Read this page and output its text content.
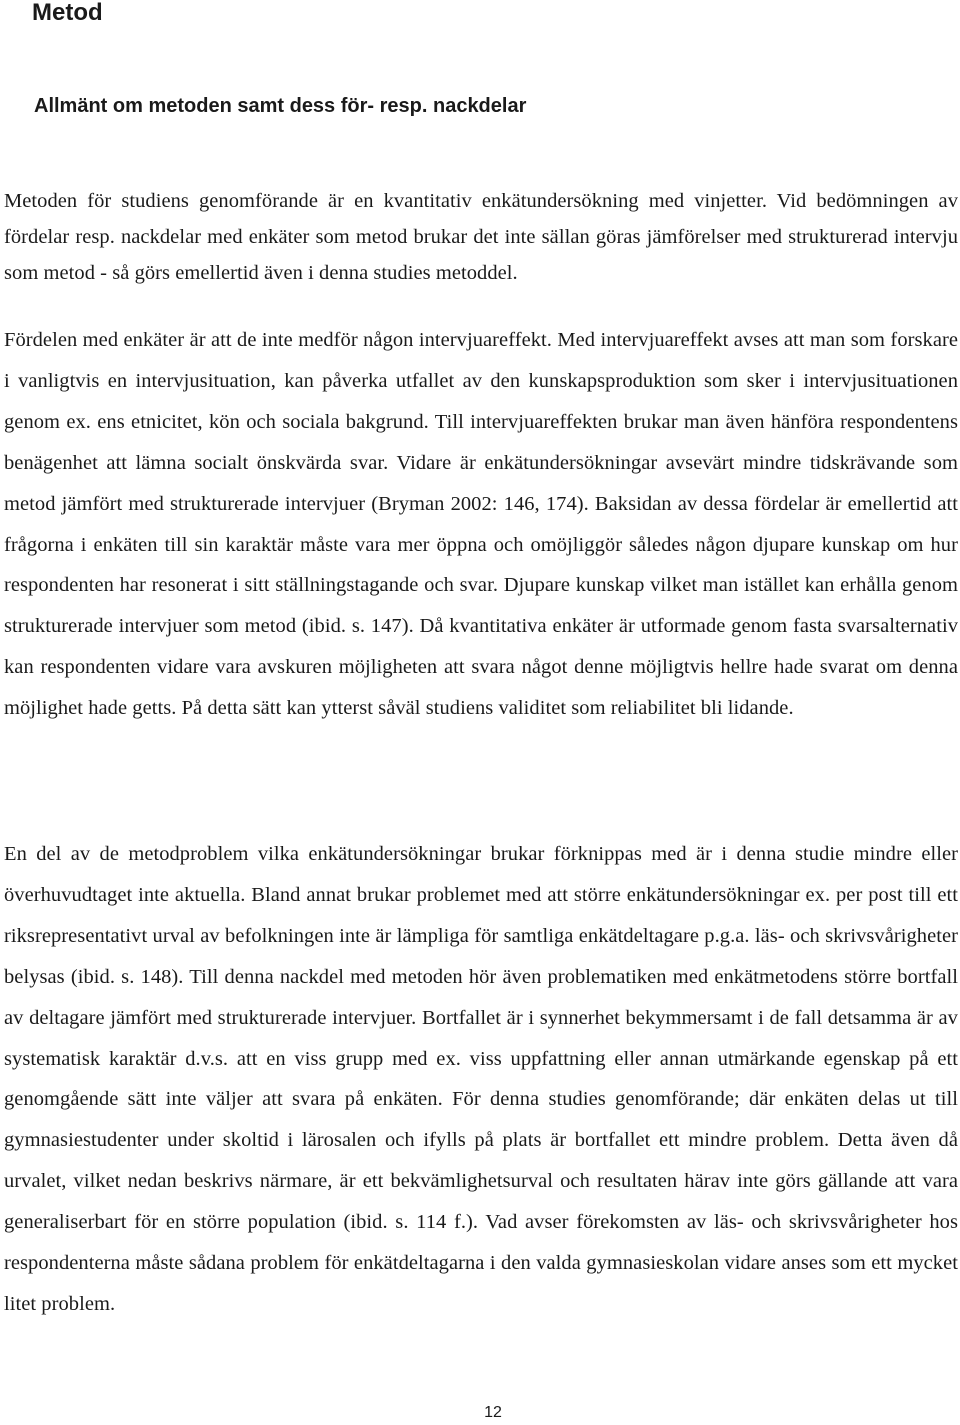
Metod
Allmänt om metoden samt dess för- resp. nackdelar

Metoden för studiens genomförande är en kvantitativ enkätundersökning med vinjetter. Vid bedömningen av fördelar resp. nackdelar med enkäter som metod brukar det inte sällan göras jämförelser med strukturerad intervju som metod - så görs emellertid även i denna studies metoddel.

Fördelen med enkäter är att de inte medför någon intervjuareffekt. Med intervjuareffekt avses att man som forskare i vanligtvis en intervjusituation, kan påverka utfallet av den kunskapsproduktion som sker i intervjusituationen genom ex. ens etnicitet, kön och sociala bakgrund. Till intervjuareffekten brukar man även hänföra respondentens benägenhet att lämna socialt önskvärda svar. Vidare är enkätundersökningar avsevärt mindre tidskrävande som metod jämfört med strukturerade intervjuer (Bryman 2002: 146, 174). Baksidan av dessa fördelar är emellertid att frågorna i enkäten till sin karaktär måste vara mer öppna och omöjliggör således någon djupare kunskap om hur respondenten har resonerat i sitt ställningstagande och svar. Djupare kunskap vilket man istället kan erhålla genom strukturerade intervjuer som metod (ibid. s. 147). Då kvantitativa enkäter är utformade genom fasta svarsalternativ kan respondenten vidare vara avskuren möjligheten att svara något denne möjligtvis hellre hade svarat om denna möjlighet hade getts. På detta sätt kan ytterst såväl studiens validitet som reliabilitet bli lidande.

En del av de metodproblem vilka enkätundersökningar brukar förknippas med är i denna studie mindre eller överhuvudtaget inte aktuella. Bland annat brukar problemet med att större enkätundersökningar ex. per post till ett riksrepresentativt urval av befolkningen inte är lämpliga för samtliga enkätdeltagare p.g.a. läs- och skrivsvårigheter belysas (ibid. s. 148). Till denna nackdel med metoden hör även problematiken med enkätmetodens större bortfall av deltagare jämfört med strukturerade intervjuer. Bortfallet är i synnerhet bekymmersamt i de fall detsamma är av systematisk karaktär d.v.s. att en viss grupp med ex. viss uppfattning eller annan utmärkande egenskap på ett genomgående sätt inte väljer att svara på enkäten. För denna studies genomförande; där enkäten delas ut till gymnasiestudenter under skoltid i lärosalen och ifylls på plats är bortfallet ett mindre problem. Detta även då urvalet, vilket nedan beskrivs närmare, är ett bekvämlighetsurval och resultaten härav inte görs gällande att vara generaliserbart för en större population (ibid. s. 114 f.). Vad avser förekomsten av läs- och skrivsvårigheter hos respondenterna måste sådana problem för enkätdeltagarna i den valda gymnasieskolan vidare anses som ett mycket litet problem.

12
